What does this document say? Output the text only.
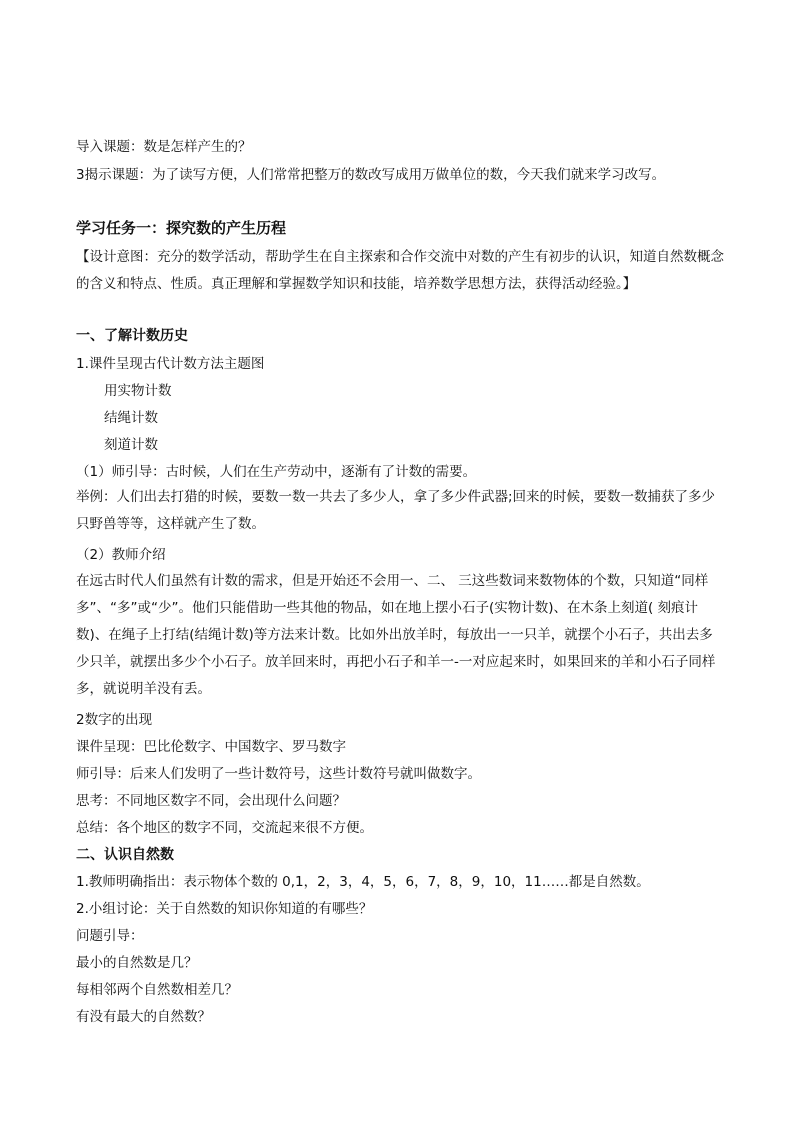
导入课题：数是怎样产生的？
3揭示课题：为了读写方便，人们常常把整万的数改写成用万做单位的数，今天我们就来学习改写。
学习任务一：探究数的产生历程
【设计意图：充分的数学活动，帮助学生在自主探索和合作交流中对数的产生有初步的认识，知道自然数概念的含义和特点、性质。真正理解和掌握数学知识和技能，培养数学思想方法，获得活动经验。】
一、了解计数历史
1.课件呈现古代计数方法主题图
用实物计数
结绳计数
刻道计数
（1）师引导：古时候，人们在生产劳动中，逐渐有了计数的需要。
举例：人们出去打猎的时候，要数一数一共去了多少人，拿了多少件武器;回来的时候，要数一数捕获了多少只野兽等等，这样就产生了数。
（2）教师介绍
在远古时代人们虽然有计数的需求，但是开始还不会用一、二、 三这些数词来数物体的个数，只知道“同样多”、“多”或“少”。他们只能借助一些其他的物品，如在地上摆小石子(实物计数)、在木条上刻道( 刻痕计数)、在绳子上打结(结绳计数)等方法来计数。比如外出放羊时，每放出一一只羊，就摆个小石子，共出去多少只羊，就摆出多少个小石子。放羊回来时，再把小石子和羊一-一对应起来时，如果回来的羊和小石子同样多，就说明羊没有丢。
2数字的出现
课件呈现：巴比伦数字、中国数字、罗马数字
师引导：后来人们发明了一些计数符号，这些计数符号就叫做数字。
思考：不同地区数字不同，会出现什么问题？
总结：各个地区的数字不同，交流起来很不方便。
二、认识自然数
1.教师明确指出：表示物体个数的 0,1，2，3，4，5，6，7，8，9，10，11……都是自然数。
2.小组讨论：关于自然数的知识你知道的有哪些？
问题引导：
最小的自然数是几？
每相邻两个自然数相差几？
有没有最大的自然数？
